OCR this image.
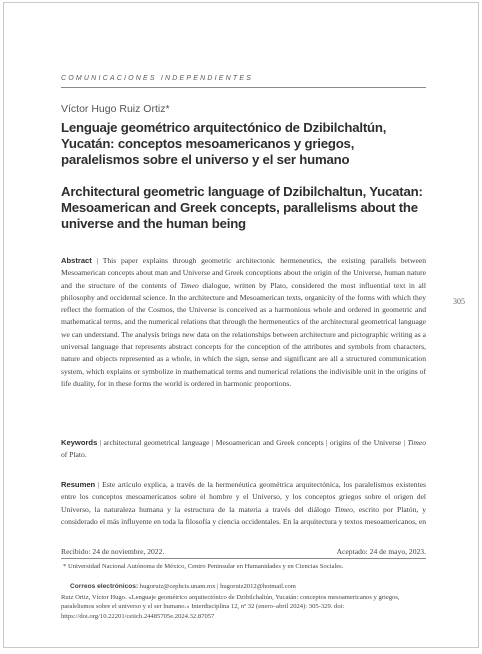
COMUNICACIONES INDEPENDIENTES
Víctor Hugo Ruiz Ortiz*
Lenguaje geométrico arquitectónico de Dzibilchaltún, Yucatán: conceptos mesoamericanos y griegos, paralelismos sobre el universo y el ser humano
Architectural geometric language of Dzibilchaltun, Yucatan: Mesoamerican and Greek concepts, parallelisms about the universe and the human being

Abstract | This paper explains through geometric architectonic hermeneutics, the existing parallels between Mesoamerican concepts about man and Universe and Greek conceptions about the origin of the Universe, human nature and the structure of the contents of Timeo dialogue, written by Plato, considered the most influential text in all philosophy and occidental science. In the architecture and Mesoamerican texts, organicity of the forms with which they reflect the formation of the Cosmos, the Universe is conceived as a harmonious whole and ordered in geometric and mathematical terms, and the numerical relations that through the hermeneutics of the architectural geometrical language we can understand. The analysis brings new data on the relationships between architecture and pictographic writing as a universal language that represents abstract concepts for the conception of the attributes and symbols from characters, nature and objects represented as a whole, in which the sign, sense and significant are all a structured communication system, which explains or symbolize in mathematical terms and numerical relations the indivisible unit in the origins of life duality, for in these forms the world is ordered in harmonic proportions.

Keywords | architectural geometrical language | Mesoamerican and Greek concepts | origins of the Universe | Timeo of Plato.

Resumen | Este artículo explica, a través de la hermenéutica geométrica arquitectónica, los paralelismos existentes entre los conceptos mesoamericanos sobre el hombre y el Universo, y los conceptos griegos sobre el origen del Universo, la naturaleza humana y la estructura de la materia a través del diálogo Timeo, escrito por Platón, y considerado el más influyente en toda la filosofía y ciencia occidentales. En la arquitectura y textos mesoamericanos, en

305
Recibido: 24 de noviembre, 2022.	Aceptado: 24 de mayo, 2023.

* Universidad Nacional Autónoma de México, Centro Peninsular en Humanidades y en Ciencias Sociales.

Correos electrónicos: hugoruiz@cephcis.unam.mx | hugoruiz2012@hotmail.com

Ruiz Ortiz, Víctor Hugo. «Lenguaje geométrico arquitectónico de Dzibilchaltún, Yucatán: conceptos mesoamericanos y griegos, paralelismos sobre el universo y el ser humano.» Interdisciplina 12, nº 32 (enero–abril 2024): 305-329. doi: https://doi.org/10.22201/ceiich.24485705e.2024.32.87057
